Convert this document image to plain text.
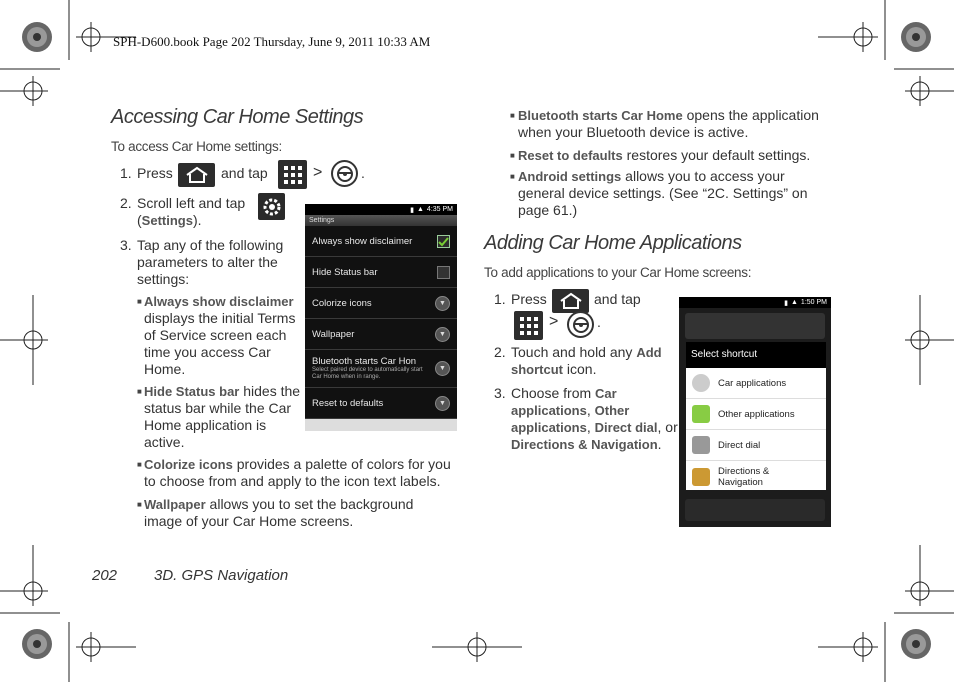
SPH-D600.book Page 202 Thursday, June 9, 2011 10:33 AM
Accessing Car Home Settings
To access Car Home settings:
1. Press	and tap	>	.
2. Scroll left and tap
(Settings).
3. Tap any of the following
parameters to alter the
settings:
■ Always show disclaimer
displays the initial Terms
of Service screen each
time you access Car
Home.
■ Hide Status bar hides the
status bar while the Car
Home application is
active.
■ Colorize icons provides a palette of colors for you
to choose from and apply to the icon text labels.
■ Wallpaper allows you to set the background
image of your Car Home screens.
▮ ▲ 4:35 PM
Settings
Always show disclaimer
Hide Status bar
Colorize icons	▼
Wallpaper	▼
Bluetooth starts Car Hon
Select paired device to automatically start Car Home when in range.
▼
Reset to defaults	▼
■ Bluetooth starts Car Home opens the application
when your Bluetooth device is active.
■ Reset to defaults restores your default settings.
■ Android settings allows you to access your
general device settings. (See “2C. Settings” on
page 61.)
Adding Car Home Applications
To add applications to your Car Home screens:
1. Press	and tap
>	.
2. Touch and hold any Add
shortcut icon.
3. Choose from Car
applications, Other
applications, Direct dial, or
Directions & Navigation.
▮ ▲ 1:50 PM
Select shortcut
Car applications
Other applications
Direct dial
Directions & Navigation
202 3D. GPS Navigation
